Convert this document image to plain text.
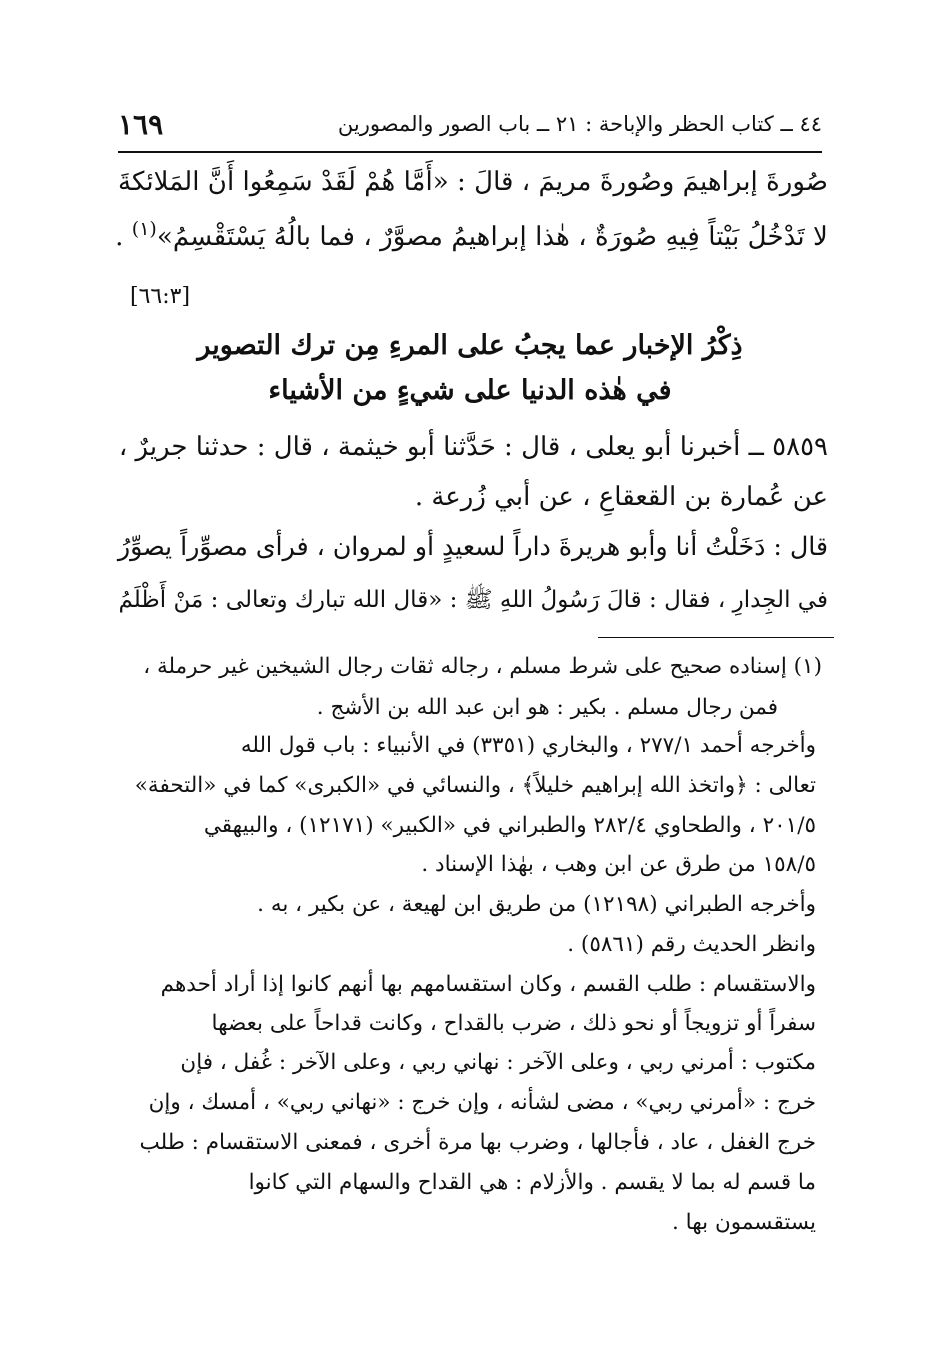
٤٤ ــ كتاب الحظر والإباحة : ٢١ ــ باب الصور والمصورين
١٦٩
صُورةَ إبراهيمَ وصُورةَ مريمَ ، قالَ : «أَمَّا هُمْ لَقَدْ سَمِعُوا أَنَّ المَلائكةَ
لا تَدْخُلُ بَيْتاً فِيهِ صُورَةٌ ، هٰذا إبراهيمُ مصوَّرٌ ، فما بالُهُ يَسْتَقْسِمُ»$^{(١)}$ .
[٦٦:٣]
ذِكْرُ الإخبار عما يجبُ على المرءِ مِن ترك التصوير
في هٰذه الدنيا على شيءٍ من الأشياء
٥٨٥٩ ــ أخبرنا أبو يعلى ، قال : حَدَّثنا أبو خيثمة ، قال : حدثنا جريرٌ ،
عن عُمارة بن القعقاعِ ، عن أبي زُرعة .
قال : دَخَلْتُ أنا وأبو هريرةَ داراً لسعيدٍ أو لمروان ، فرأى مصوِّراً يصوِّرُ
في الجِدارِ ، فقال : قالَ رَسُولُ اللهِ ﷺ : «قال الله تبارك وتعالى : مَنْ أَظْلَمُ
(١) إسناده صحيح على شرط مسلم ، رجاله ثقات رجال الشيخين غير حرملة ،
فمن رجال مسلم . بكير : هو ابن عبد الله بن الأشج .
وأخرجه أحمد ٢٧٧/١ ، والبخاري (٣٣٥١) في الأنبياء : باب قول الله
تعالى : ﴿واتخذ الله إبراهيم خليلاً﴾ ، والنسائي في «الكبرى» كما في «التحفة»
٢٠١/٥ ، والطحاوي ٢٨٢/٤ والطبراني في «الكبير» (١٢١٧١) ، والبيهقي
١٥٨/٥ من طرق عن ابن وهب ، بهٰذا الإسناد .
وأخرجه الطبراني (١٢١٩٨) من طريق ابن لهيعة ، عن بكير ، به .
وانظر الحديث رقم (٥٨٦١) .
والاستقسام : طلب القسم ، وكان استقسامهم بها أنهم كانوا إذا أراد أحدهم
سفراً أو تزويجاً أو نحو ذلك ، ضرب بالقداح ، وكانت قداحاً على بعضها
مكتوب : أمرني ربي ، وعلى الآخر : نهاني ربي ، وعلى الآخر : غُفل ، فإن
خرج : «أمرني ربي» ، مضى لشأنه ، وإن خرج : «نهاني ربي» ، أمسك ، وإن
خرج الغفل ، عاد ، فأجالها ، وضرب بها مرة أخرى ، فمعنى الاستقسام : طلب
ما قسم له بما لا يقسم . والأزلام : هي القداح والسهام التي كانوا
يستقسمون بها .
